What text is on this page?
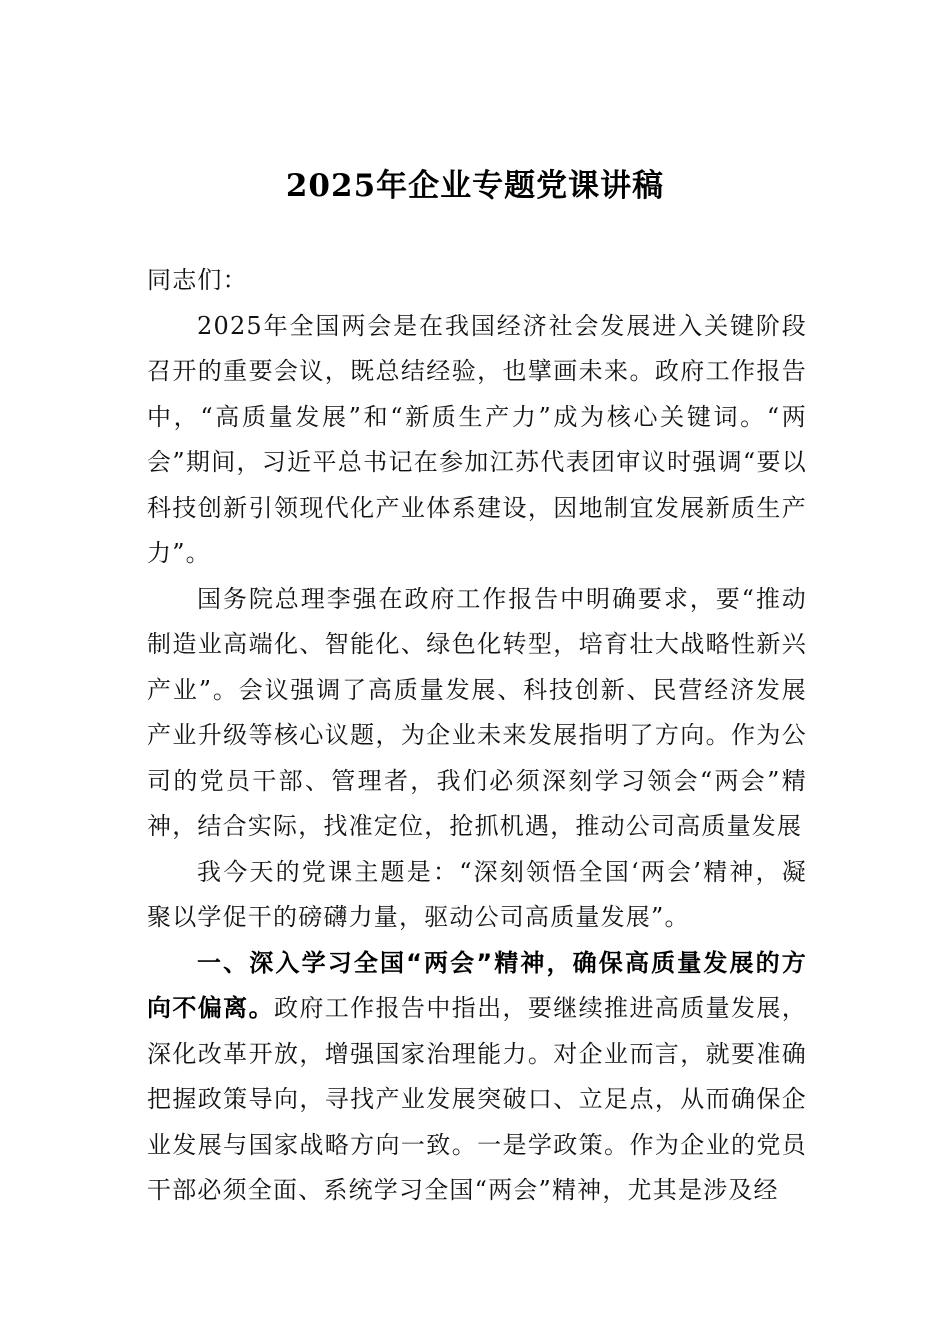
2025年企业专题党课讲稿

同志们：

2025年全国两会是在我国经济社会发展进入关键阶段召开的重要会议，既总结经验，也擘画未来。政府工作报告中，“高质量发展”和“新质生产力”成为核心关键词。“两会”期间，习近平总书记在参加江苏代表团审议时强调“要以科技创新引领现代化产业体系建设，因地制宜发展新质生产力”。

国务院总理李强在政府工作报告中明确要求，要“推动制造业高端化、智能化、绿色化转型，培育壮大战略性新兴产业”。会议强调了高质量发展、科技创新、民营经济发展产业升级等核心议题，为企业未来发展指明了方向。作为公司的党员干部、管理者，我们必须深刻学习领会“两会”精神，结合实际，找准定位，抢抓机遇，推动公司高质量发展

我今天的党课主题是：“深刻领悟全国‘两会’精神，凝聚以学促干的磅礴力量，驱动公司高质量发展”。

一、深入学习全国“两会”精神，确保高质量发展的方向不偏离。政府工作报告中指出，要继续推进高质量发展，深化改革开放，增强国家治理能力。对企业而言，就要准确把握政策导向，寻找产业发展突破口、立足点，从而确保企业发展与国家战略方向一致。一是学政策。作为企业的党员干部必须全面、系统学习全国“两会”精神，尤其是涉及经
